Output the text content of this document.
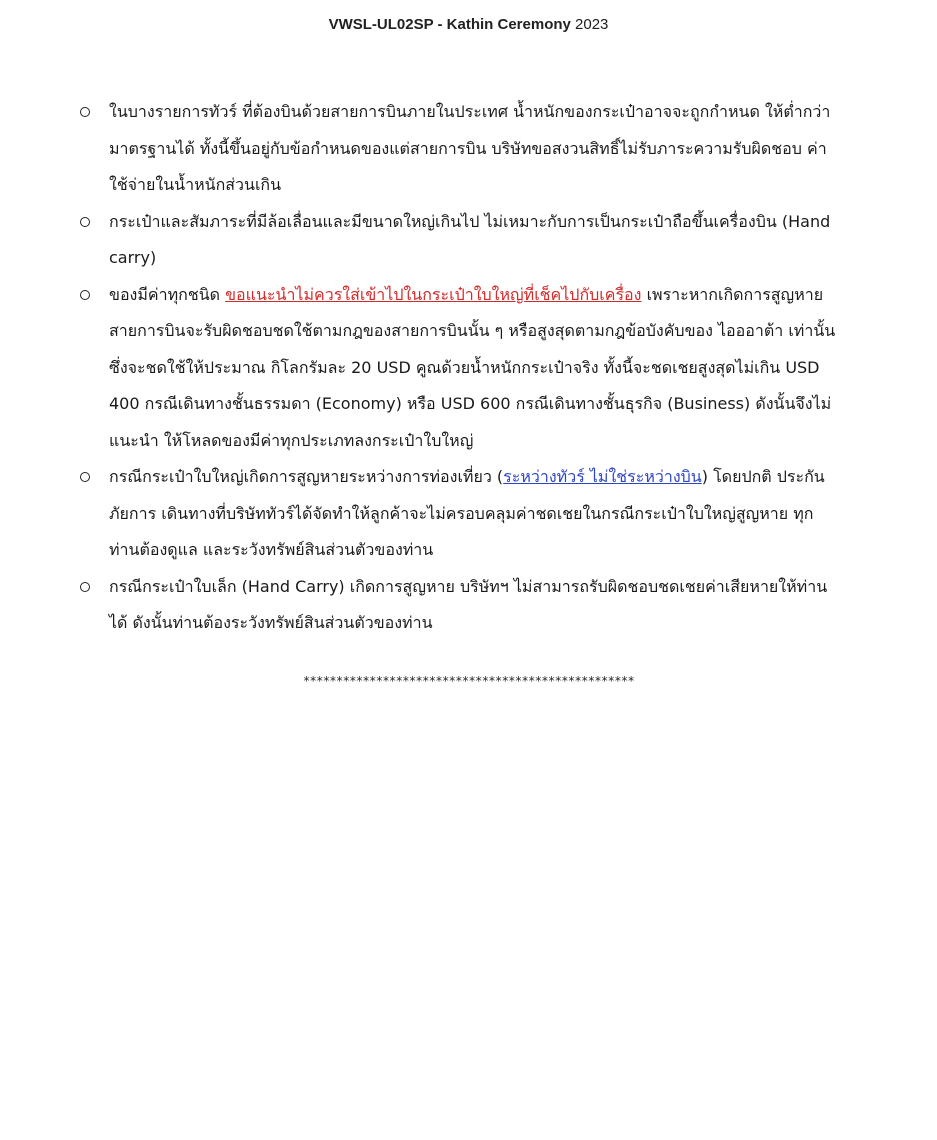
VWSL-UL02SP - Kathin Ceremony 2023
ในบางรายการทัวร์ ที่ต้องบินด้วยสายการบินภายในประเทศ น้ำหนักของกระเป๋าอาจจะถูกกำหนด ให้ต่ำกว่ามาตรฐานได้ ทั้งนี้ขึ้นอยู่กับข้อกำหนดของแต่สายการบิน บริษัทขอสงวนสิทธิ์ไม่รับภาระความรับผิดชอบ ค่าใช้จ่ายในน้ำหนักส่วนเกิน
กระเป๋าและสัมภาระที่มีล้อเลื่อนและมีขนาดใหญ่เกินไป ไม่เหมาะกับการเป็นกระเป๋าถือขึ้นเครื่องบิน (Hand carry)
ของมีค่าทุกชนิด ขอแนะนำไม่ควรใส่เข้าไปในกระเป๋าใบใหญ่ที่เช็คไปกับเครื่อง เพราะหากเกิดการสูญหาย สายการบินจะรับผิดชอบชดใช้ตามกฎของสายการบินนั้น ๆ หรือสูงสุดตามกฎข้อบังคับของ ไอออาต้า เท่านั้น ซึ่งจะชดใช้ให้ประมาณ กิโลกรัมละ 20 USD คูณด้วยน้ำหนักกระเป๋าจริง ทั้งนี้จะชดเชยสูงสุดไม่เกิน USD 400 กรณีเดินทางชั้นธรรมดา (Economy) หรือ USD 600 กรณีเดินทางชั้นธุรกิจ (Business) ดังนั้นจึงไม่แนะนำ ให้โหลดของมีค่าทุกประเภทลงกระเป๋าใบใหญ่
กรณีกระเป๋าใบใหญ่เกิดการสูญหายระหว่างการท่องเที่ยว (ระหว่างทัวร์ ไม่ใช่ระหว่างบิน) โดยปกติ ประกันภัยการ เดินทางที่บริษัททัวร์ได้จัดทำให้ลูกค้าจะไม่ครอบคลุมค่าชดเชยในกรณีกระเป๋าใบใหญ่สูญหาย ทุกท่านต้องดูแล และระวังทรัพย์สินส่วนตัวของท่าน
กรณีกระเป๋าใบเล็ก (Hand Carry) เกิดการสูญหาย บริษัทฯ ไม่สามารถรับผิดชอบชดเชยค่าเสียหายให้ท่านได้ ดังนั้นท่านต้องระวังทรัพย์สินส่วนตัวของท่าน
**************************************************
